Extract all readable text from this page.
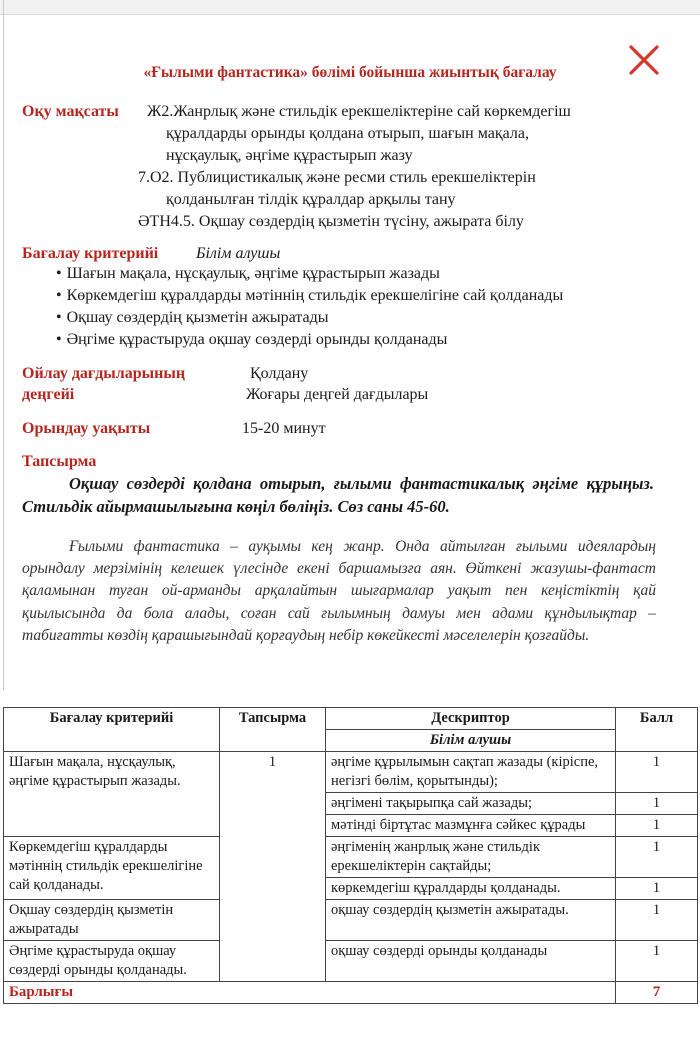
«Ғылыми фантастика» бөлімі бойынша жиынтық бағалау
Оқу мақсаты Ж2.Жанрлық және стильдік ерекшеліктеріне сай көркемдегіш
құралдарды орынды қолдана отырып, шағын мақала,
нұсқаулық, әңгіме құрастырып жазу
7.О2. Публицистикалық және ресми стиль ерекшеліктерін
қолданылған тілдік құралдар арқылы тану
ӘТН4.5. Оқшау сөздердің қызметін түсіну, ажырата білу
Бағалау критерийі Білім алушы
• Шағын мақала, нұсқаулық, әңгіме құрастырып жазады
• Көркемдегіш құралдарды мәтіннің стильдік ерекшелігіне сай қолданады
• Оқшау сөздердің қызметін ажыратады
• Әңгіме құрастыруда оқшау сөздерді орынды қолданады
Ойлау дағдыларының
деңгейі
Қолдану
Жоғары деңгей дағдылары
Орындау уақыты	15-20 минут
Тапсырма

Оқшау сөздерді қолдана отырып, ғылыми фантастикалық әңгіме құрыңыз. Стильдік айырмашылығына көңіл бөліңіз. Сөз саны 45-60.

Ғылыми фантастика – ауқымы кең жанр. Онда айтылған ғылыми идеялардың орындалу мерзімінің келешек үлесінде екені баршамызға аян. Өйткені жазушы-фантаст қаламынан туған ой-арманды арқалайтын шығармалар уақыт пен кеңістіктің қай қиылысында да бола алады, соған сай ғылымның дамуы мен адами құндылықтар – табиғатты көздің қарашығындай қорғаудың небір көкейкесті мәселелерін қозғайды.

Бағалау критерийі	Тапсырма	Дескриптор	Балл
		Білім алушы	
Шағын мақала, нұсқаулық, әңгіме құрастырып жазады.	1	әңгіме құрылымын сақтап жазады (кіріспе, негізгі бөлім, қорытынды);	1
		әңгімені тақырыпқа сай жазады;	1
		мәтінді біртұтас мазмұнға сәйкес құрады	1
Көркемдегіш құралдарды мәтіннің стильдік ерекшелігіне сай қолданады.		әңгіменің жанрлық және стильдік ерекшеліктерін сақтайды;	1
		көркемдегіш құралдарды қолданады.	1
Оқшау сөздердің қызметін ажыратады		оқшау сөздердің қызметін ажыратады.	1
Әңгіме құрастыруда оқшау сөздерді орынды қолданады.		оқшау сөздерді орынды қолданады	1
Барлығы			7
